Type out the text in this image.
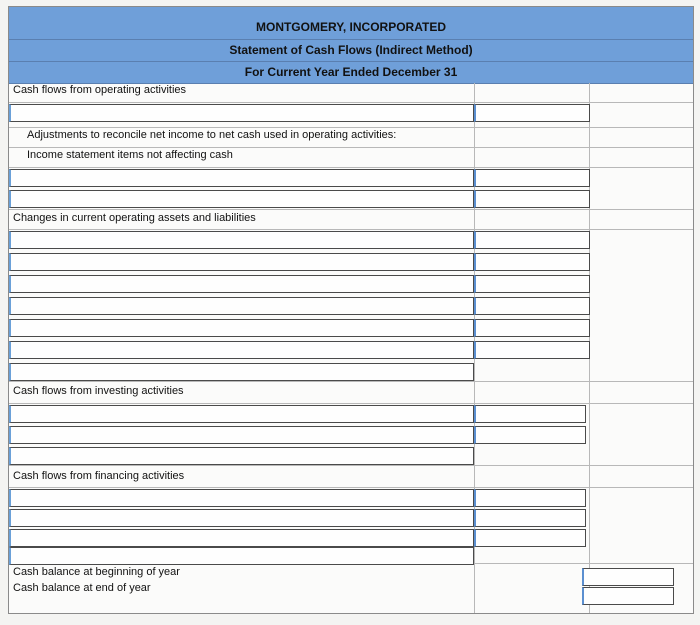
MONTGOMERY, INCORPORATED
Statement of Cash Flows (Indirect Method)
For Current Year Ended December 31
Cash flows from operating activities
Adjustments to reconcile net income to net cash used in operating activities:
Income statement items not affecting cash
Changes in current operating assets and liabilities
Cash flows from investing activities
Cash flows from financing activities
Cash balance at beginning of year
Cash balance at end of year
